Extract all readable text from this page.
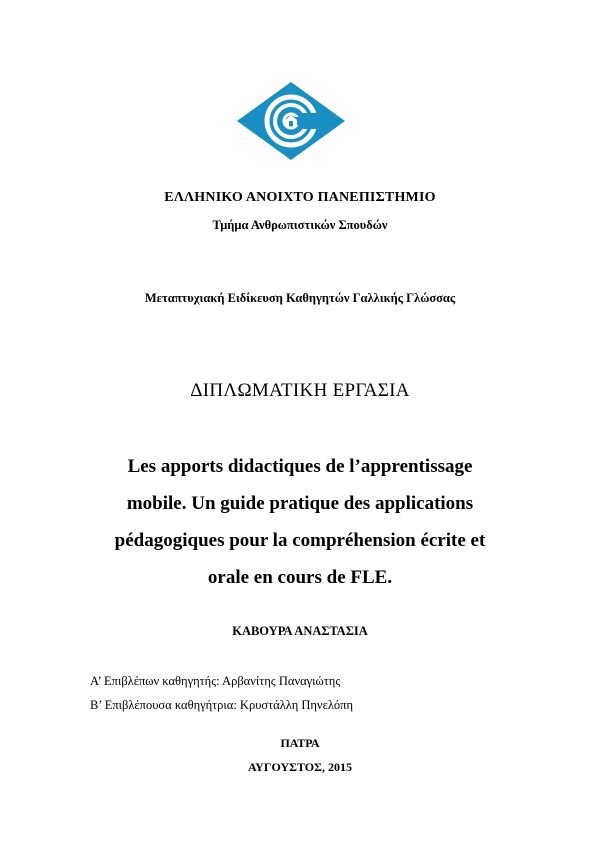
ΕΛΛΗΝΙΚΟ ΑΝΟΙΧΤΟ ΠΑΝΕΠΙΣΤΗΜΙΟ
Τμήμα Ανθρωπιστικών Σπουδών
Μεταπτυχιακή Ειδίκευση Καθηγητών Γαλλικής Γλώσσας
ΔΙΠΛΩΜΑΤΙΚΗ ΕΡΓΑΣΙΑ
Les apports didactiques de l’apprentissage
mobile. Un guide pratique des applications
pédagogiques pour la compréhension écrite et
orale en cours de FLE.
ΚΑΒΟΥΡΑ ΑΝΑΣΤΑΣΙΑ
Α’ Επιβλέπων καθηγητής: Αρβανίτης Παναγιώτης
Β’ Επιβλέπουσα καθηγήτρια: Κρυστάλλη Πηνελόπη
ΠΑΤΡΑ
ΑΥΓΟΥΣΤΟΣ, 2015
